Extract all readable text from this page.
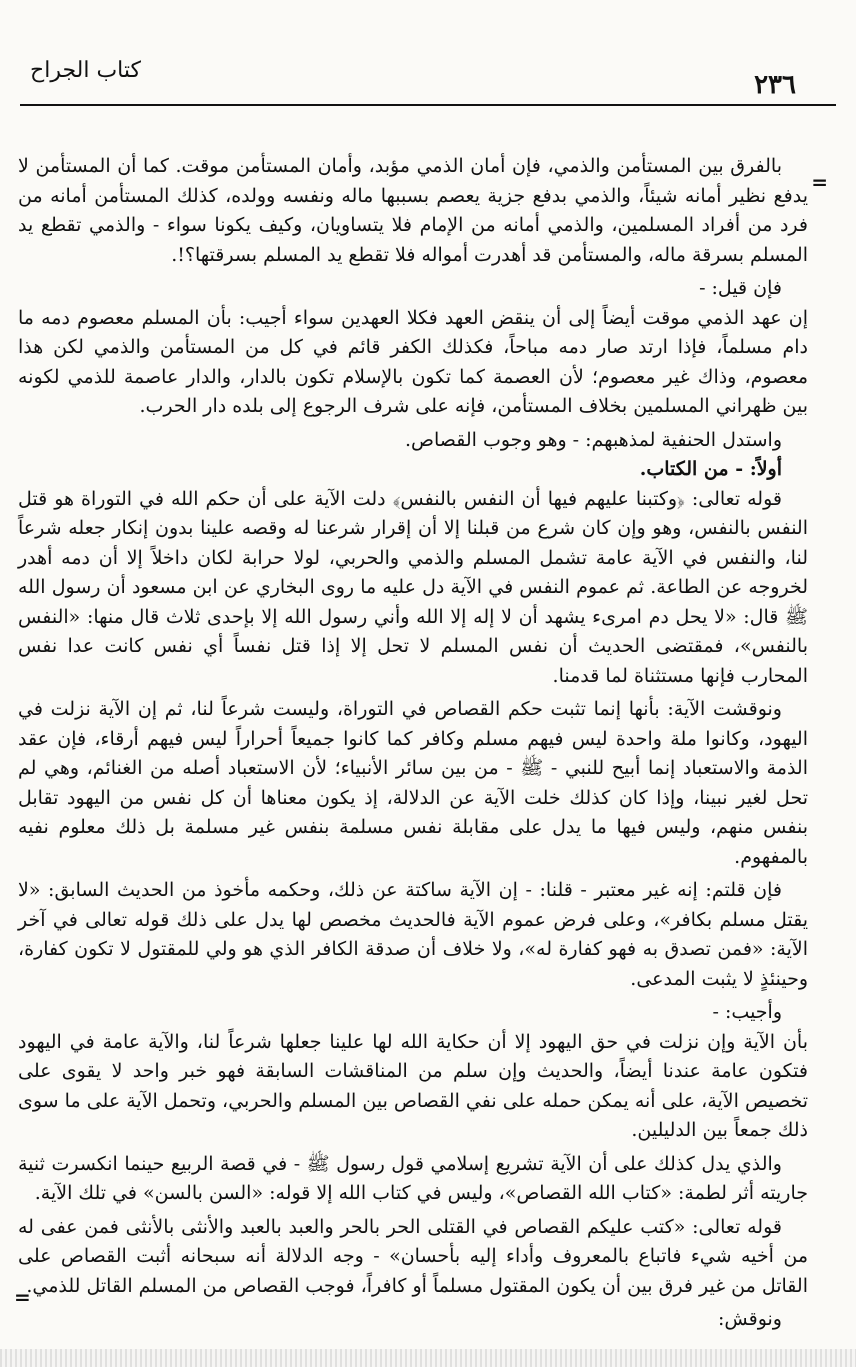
كتاب الجراح	٢٣٦
=
=

بالفرق بين المستأمن والذمي، فإن أمان الذمي مؤبد، وأمان المستأمن موقت. كما أن المستأمن لا يدفع نظير أمانه شيئاً، والذمي بدفع جزية يعصم بسببها ماله ونفسه وولده، كذلك المستأمن أمانه من فرد من أفراد المسلمين، والذمي أمانه من الإمام فلا يتساويان، وكيف يكونا سواء - والذمي تقطع يد المسلم بسرقة ماله، والمستأمن قد أهدرت أمواله فلا تقطع يد المسلم بسرقتها؟!.

فإن قيل: -

إن عهد الذمي موقت أيضاً إلى أن ينقض العهد فكلا العهدين سواء أجيب: بأن المسلم معصوم دمه ما دام مسلماً، فإذا ارتد صار دمه مباحاً، فكذلك الكفر قائم في كل من المستأمن والذمي لكن هذا معصوم، وذاك غير معصوم؛ لأن العصمة كما تكون بالإسلام تكون بالدار، والدار عاصمة للذمي لكونه بين ظهراني المسلمين بخلاف المستأمن، فإنه على شرف الرجوع إلى بلده دار الحرب.

واستدل الحنفية لمذهبهم: - وهو وجوب القصاص.

أولاً: - من الكتاب.

قوله تعالى: ﴿وكتبنا عليهم فيها أن النفس بالنفس﴾ دلت الآية على أن حكم الله في التوراة هو قتل النفس بالنفس، وهو وإن كان شرع من قبلنا إلا أن إقرار شرعنا له وقصه علينا بدون إنكار جعله شرعاً لنا، والنفس في الآية عامة تشمل المسلم والذمي والحربي، لولا حرابة لكان داخلاً إلا أن دمه أهدر لخروجه عن الطاعة. ثم عموم النفس في الآية دل عليه ما روى البخاري عن ابن مسعود أن رسول الله ﷺ قال: «لا يحل دم امرىء يشهد أن لا إله إلا الله وأني رسول الله إلا بإحدى ثلاث قال منها: «النفس بالنفس»، فمقتضى الحديث أن نفس المسلم لا تحل إلا إذا قتل نفساً أي نفس كانت عدا نفس المحارب فإنها مستثناة لما قدمنا.

ونوقشت الآية: بأنها إنما تثبت حكم القصاص في التوراة، وليست شرعاً لنا، ثم إن الآية نزلت في اليهود، وكانوا ملة واحدة ليس فيهم مسلم وكافر كما كانوا جميعاً أحراراً ليس فيهم أرقاء، فإن عقد الذمة والاستعباد إنما أبيح للنبي - ﷺ - من بين سائر الأنبياء؛ لأن الاستعباد أصله من الغنائم، وهي لم تحل لغير نبينا، وإذا كان كذلك خلت الآية عن الدلالة، إذ يكون معناها أن كل نفس من اليهود تقابل بنفس منهم، وليس فيها ما يدل على مقابلة نفس مسلمة بنفس غير مسلمة بل ذلك معلوم نفيه بالمفهوم.

فإن قلتم: إنه غير معتبر - قلنا: - إن الآية ساكتة عن ذلك، وحكمه مأخوذ من الحديث السابق: «لا يقتل مسلم بكافر»، وعلى فرض عموم الآية فالحديث مخصص لها يدل على ذلك قوله تعالى في آخر الآية: «فمن تصدق به فهو كفارة له»، ولا خلاف أن صدقة الكافر الذي هو ولي للمقتول لا تكون كفارة، وحينئذٍ لا يثبت المدعى.

وأجيب: -

بأن الآية وإن نزلت في حق اليهود إلا أن حكاية الله لها علينا جعلها شرعاً لنا، والآية عامة في اليهود فتكون عامة عندنا أيضاً، والحديث وإن سلم من المناقشات السابقة فهو خبر واحد لا يقوى على تخصيص الآية، على أنه يمكن حمله على نفي القصاص بين المسلم والحربي، وتحمل الآية على ما سوى ذلك جمعاً بين الدليلين.

والذي يدل كذلك على أن الآية تشريع إسلامي قول رسول ﷺ - في قصة الربيع حينما انكسرت ثنية جاريته أثر لطمة: «كتاب الله القصاص»، وليس في كتاب الله إلا قوله: «السن بالسن» في تلك الآية.

قوله تعالى: «كتب عليكم القصاص في القتلى الحر بالحر والعبد بالعبد والأنثى بالأنثى فمن عفى له من أخيه شيء فاتباع بالمعروف وأداء إليه بأحسان» - وجه الدلالة أنه سبحانه أثبت القصاص على القاتل من غير فرق بين أن يكون المقتول مسلماً أو كافراً، فوجب القصاص من المسلم القاتل للذمي.

ونوقش:
